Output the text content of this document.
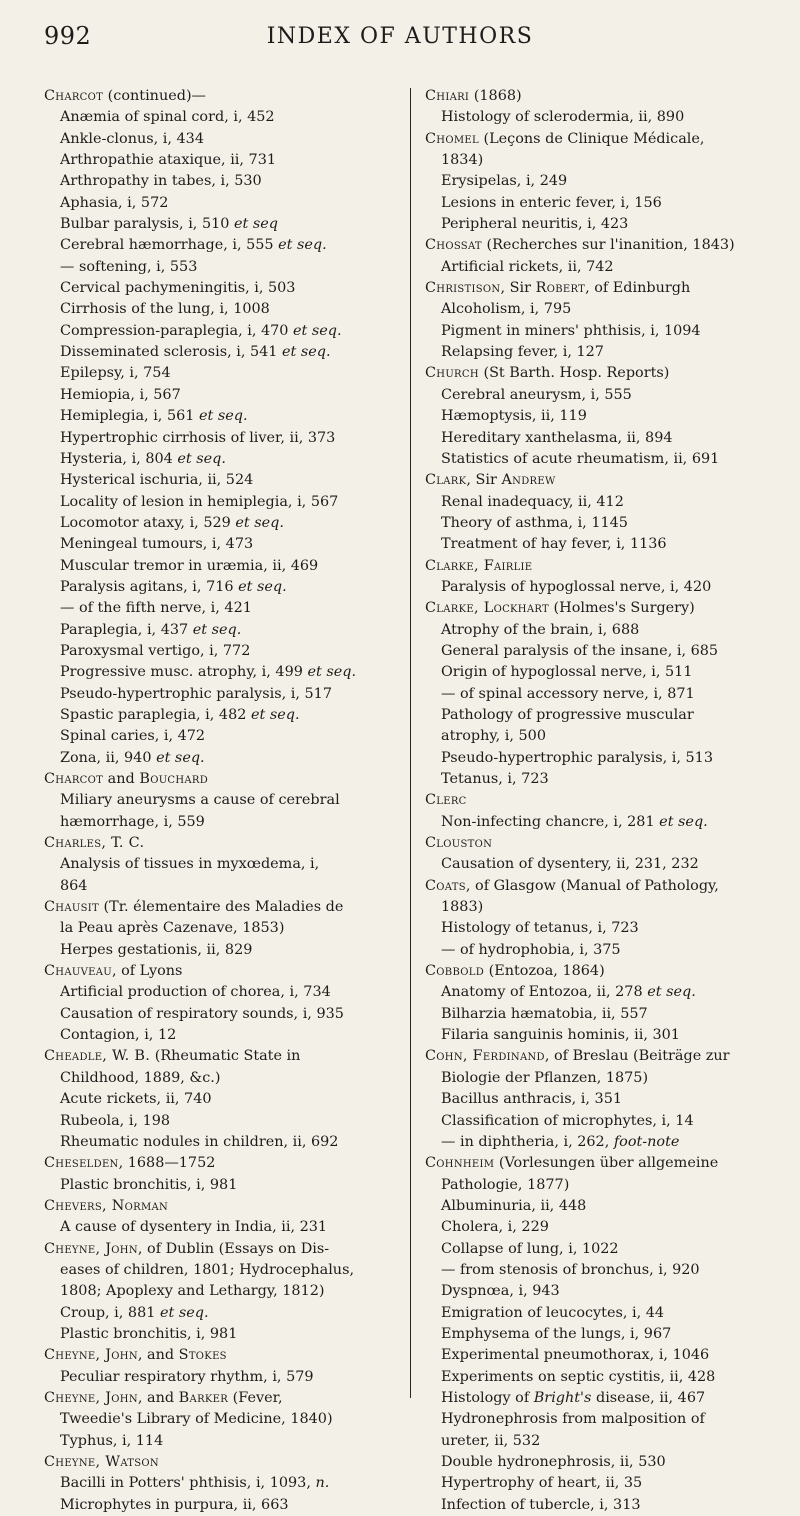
992	INDEX OF AUTHORS
Charcot (continued)—
Anæmia of spinal cord, i, 452
Ankle-clonus, i, 434
Arthropathie ataxique, ii, 731
Arthropathy in tabes, i, 530
Aphasia, i, 572
Bulbar paralysis, i, 510 et seq
Cerebral hæmorrhage, i, 555 et seq.
— softening, i, 553
Cervical pachymeningitis, i, 503
Cirrhosis of the lung, i, 1008
Compression-paraplegia, i, 470 et seq.
Disseminated sclerosis, i, 541 et seq.
Epilepsy, i, 754
Hemiopia, i, 567
Hemiplegia, i, 561 et seq.
Hypertrophic cirrhosis of liver, ii, 373
Hysteria, i, 804 et seq.
Hysterical ischuria, ii, 524
Locality of lesion in hemiplegia, i, 567
Locomotor ataxy, i, 529 et seq.
Meningeal tumours, i, 473
Muscular tremor in uræmia, ii, 469
Paralysis agitans, i, 716 et seq.
— of the fifth nerve, i, 421
Paraplegia, i, 437 et seq.
Paroxysmal vertigo, i, 772
Progressive musc. atrophy, i, 499 et seq.
Pseudo-hypertrophic paralysis, i, 517
Spastic paraplegia, i, 482 et seq.
Spinal caries, i, 472
Zona, ii, 940 et seq.
Charcot and Bouchard
Miliary aneurysms a cause of cerebral
hæmorrhage, i, 559
Charles, T. C.
Analysis of tissues in myxœdema, i,
864
Chausit (Tr. élementaire des Maladies de
la Peau après Cazenave, 1853)
Herpes gestationis, ii, 829
Chauveau, of Lyons
Artificial production of chorea, i, 734
Causation of respiratory sounds, i, 935
Contagion, i, 12
Cheadle, W. B. (Rheumatic State in
Childhood, 1889, &c.)
Acute rickets, ii, 740
Rubeola, i, 198
Rheumatic nodules in children, ii, 692
Cheselden, 1688—1752
Plastic bronchitis, i, 981
Chevers, Norman
A cause of dysentery in India, ii, 231
Cheyne, John, of Dublin (Essays on Dis-
eases of children, 1801; Hydrocephalus,
1808; Apoplexy and Lethargy, 1812)
Croup, i, 881 et seq.
Plastic bronchitis, i, 981
Cheyne, John, and Stokes
Peculiar respiratory rhythm, i, 579
Cheyne, John, and Barker (Fever,
Tweedie's Library of Medicine, 1840)
Typhus, i, 114
Cheyne, Watson
Bacilli in Potters' phthisis, i, 1093, n.
Microphytes in purpura, ii, 663
Chiari (1868)
Histology of sclerodermia, ii, 890
Chomel (Leçons de Clinique Médicale,
1834)
Erysipelas, i, 249
Lesions in enteric fever, i, 156
Peripheral neuritis, i, 423
Chossat (Recherches sur l'inanition, 1843)
Artificial rickets, ii, 742
Christison, Sir Robert, of Edinburgh
Alcoholism, i, 795
Pigment in miners' phthisis, i, 1094
Relapsing fever, i, 127
Church (St Barth. Hosp. Reports)
Cerebral aneurysm, i, 555
Hæmoptysis, ii, 119
Hereditary xanthelasma, ii, 894
Statistics of acute rheumatism, ii, 691
Clark, Sir Andrew
Renal inadequacy, ii, 412
Theory of asthma, i, 1145
Treatment of hay fever, i, 1136
Clarke, Fairlie
Paralysis of hypoglossal nerve, i, 420
Clarke, Lockhart (Holmes's Surgery)
Atrophy of the brain, i, 688
General paralysis of the insane, i, 685
Origin of hypoglossal nerve, i, 511
— of spinal accessory nerve, i, 871
Pathology of progressive muscular
atrophy, i, 500
Pseudo-hypertrophic paralysis, i, 513
Tetanus, i, 723
Clerc
Non-infecting chancre, i, 281 et seq.
Clouston
Causation of dysentery, ii, 231, 232
Coats, of Glasgow (Manual of Pathology,
1883)
Histology of tetanus, i, 723
— of hydrophobia, i, 375
Cobbold (Entozoa, 1864)
Anatomy of Entozoa, ii, 278 et seq.
Bilharzia hæmatobia, ii, 557
Filaria sanguinis hominis, ii, 301
Cohn, Ferdinand, of Breslau (Beiträge zur
Biologie der Pflanzen, 1875)
Bacillus anthracis, i, 351
Classification of microphytes, i, 14
— in diphtheria, i, 262, foot-note
Cohnheim (Vorlesungen über allgemeine
Pathologie, 1877)
Albuminuria, ii, 448
Cholera, i, 229
Collapse of lung, i, 1022
— from stenosis of bronchus, i, 920
Dyspnœa, i, 943
Emigration of leucocytes, i, 44
Emphysema of the lungs, i, 967
Experimental pneumothorax, i, 1046
Experiments on septic cystitis, ii, 428
Histology of Bright's disease, ii, 467
Hydronephrosis from malposition of
ureter, ii, 532
Double hydronephrosis, ii, 530
Hypertrophy of heart, ii, 35
Infection of tubercle, i, 313
